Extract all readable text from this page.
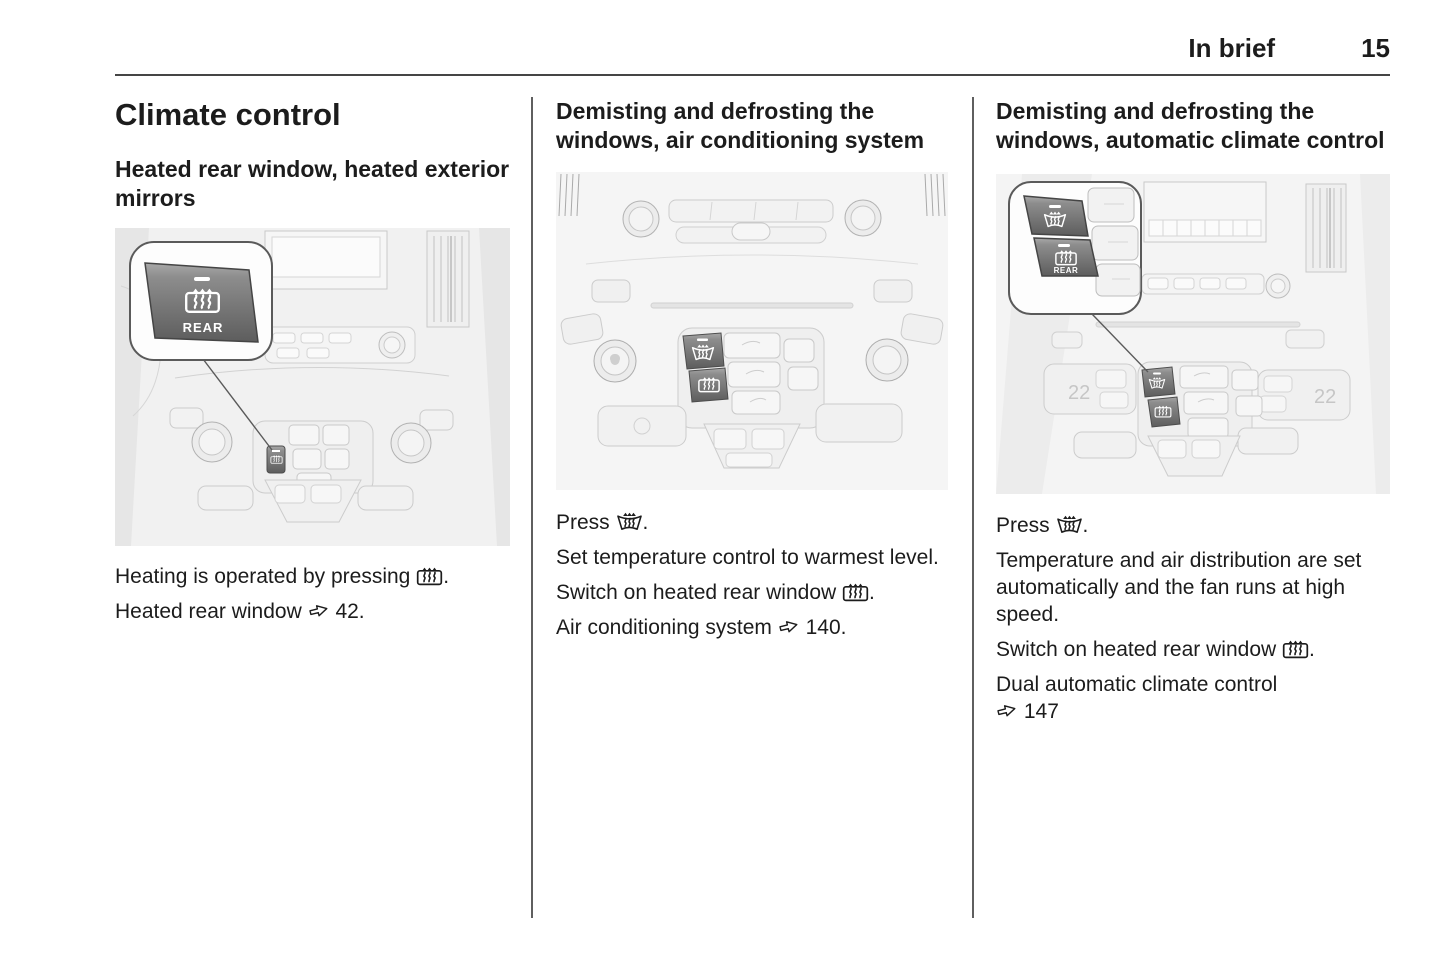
In brief	15
Climate control
Heated rear window, heated exterior mirrors
REAR

Heating is operated by pressing .

Heated rear window  42.

Demisting and defrosting the windows, air conditioning system

Press .

Set temperature control to warmest level.

Switch on heated rear window .

Air conditioning system  140.

Demisting and defrosting the windows, automatic climate control
22	22
REAR

Press .

Temperature and air distribution are set automatically and the fan runs at high speed.

Switch on heated rear window .

Dual automatic climate control
147
